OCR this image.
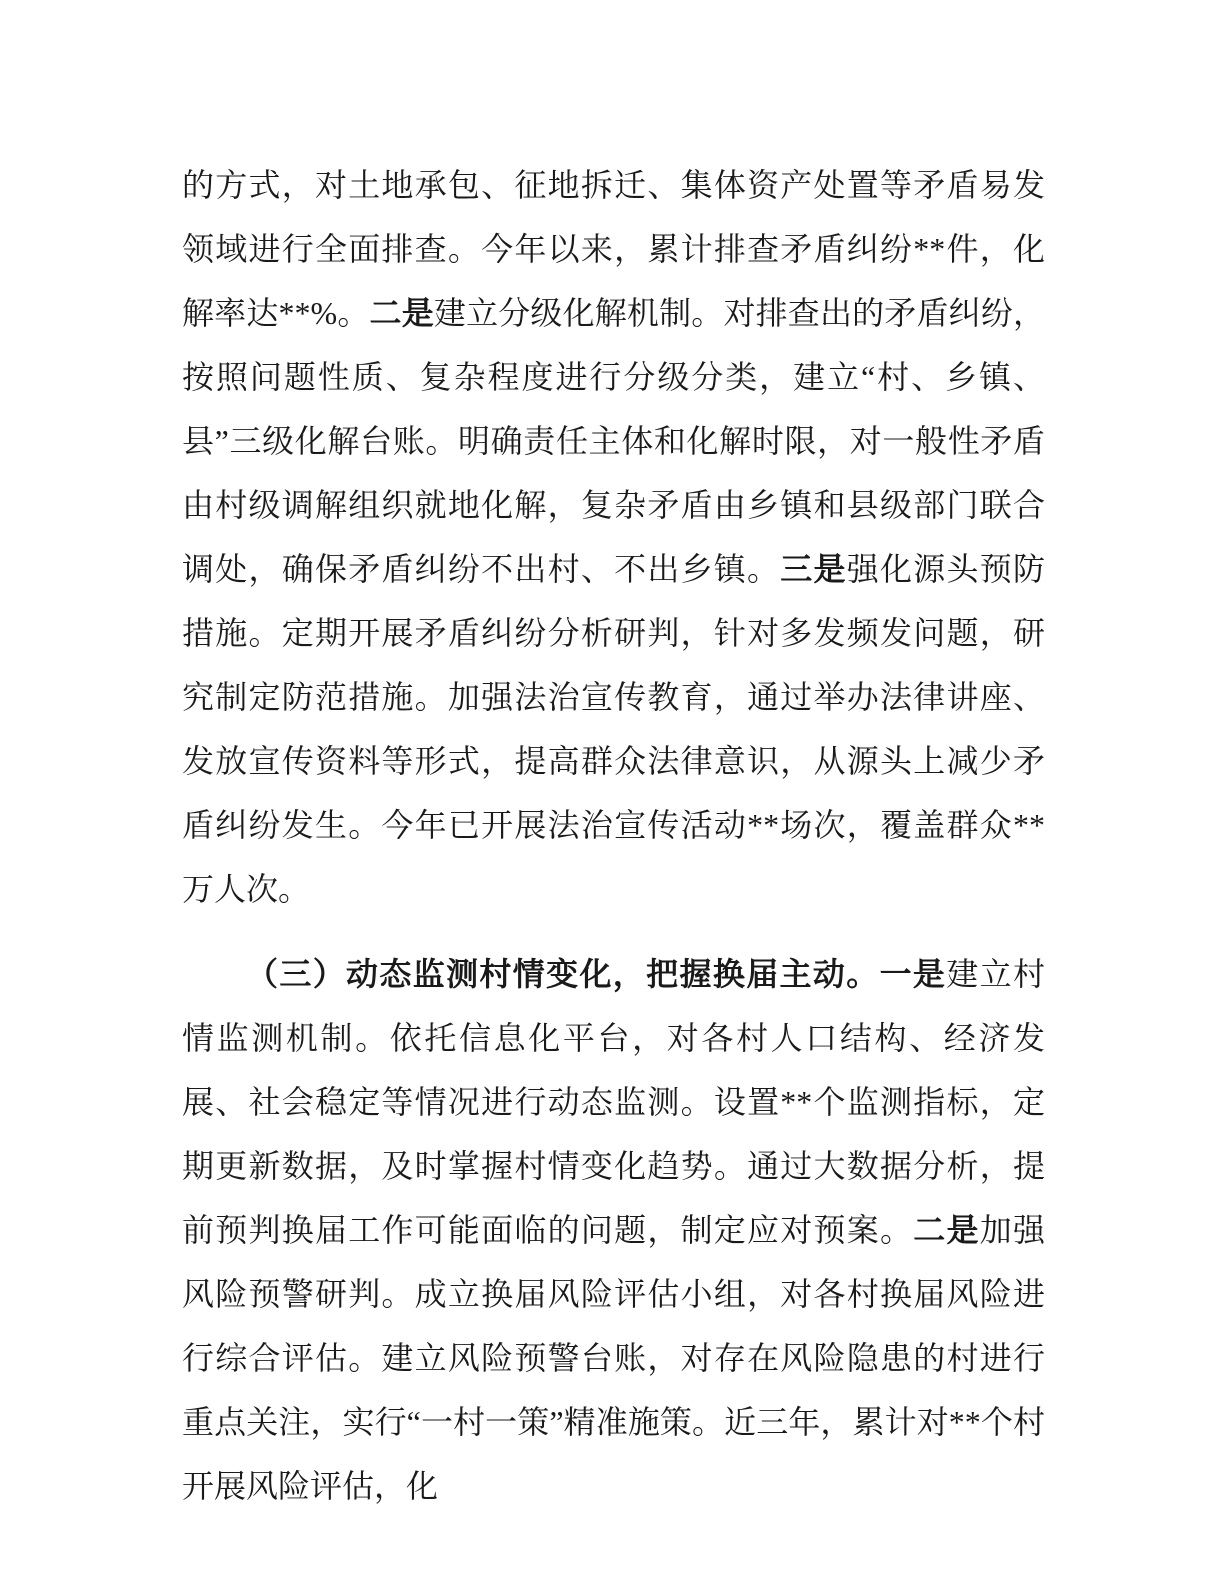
的方式，对土地承包、征地拆迁、集体资产处置等矛盾易发领域进行全面排查。今年以来，累计排查矛盾纠纷**件，化解率达**%。二是建立分级化解机制。对排查出的矛盾纠纷，按照问题性质、复杂程度进行分级分类，建立“村、乡镇、县”三级化解台账。明确责任主体和化解时限，对一般性矛盾由村级调解组织就地化解，复杂矛盾由乡镇和县级部门联合调处，确保矛盾纠纷不出村、不出乡镇。三是强化源头预防措施。定期开展矛盾纠纷分析研判，针对多发频发问题，研究制定防范措施。加强法治宣传教育，通过举办法律讲座、发放宣传资料等形式，提高群众法律意识，从源头上减少矛盾纠纷发生。今年已开展法治宣传活动**场次，覆盖群众**万人次。

（三）动态监测村情变化，把握换届主动。一是建立村情监测机制。依托信息化平台，对各村人口结构、经济发展、社会稳定等情况进行动态监测。设置**个监测指标，定期更新数据，及时掌握村情变化趋势。通过大数据分析，提前预判换届工作可能面临的问题，制定应对预案。二是加强风险预警研判。成立换届风险评估小组，对各村换届风险进行综合评估。建立风险预警台账，对存在风险隐患的村进行重点关注，实行“一村一策”精准施策。近三年，累计对**个村开展风险评估，化
